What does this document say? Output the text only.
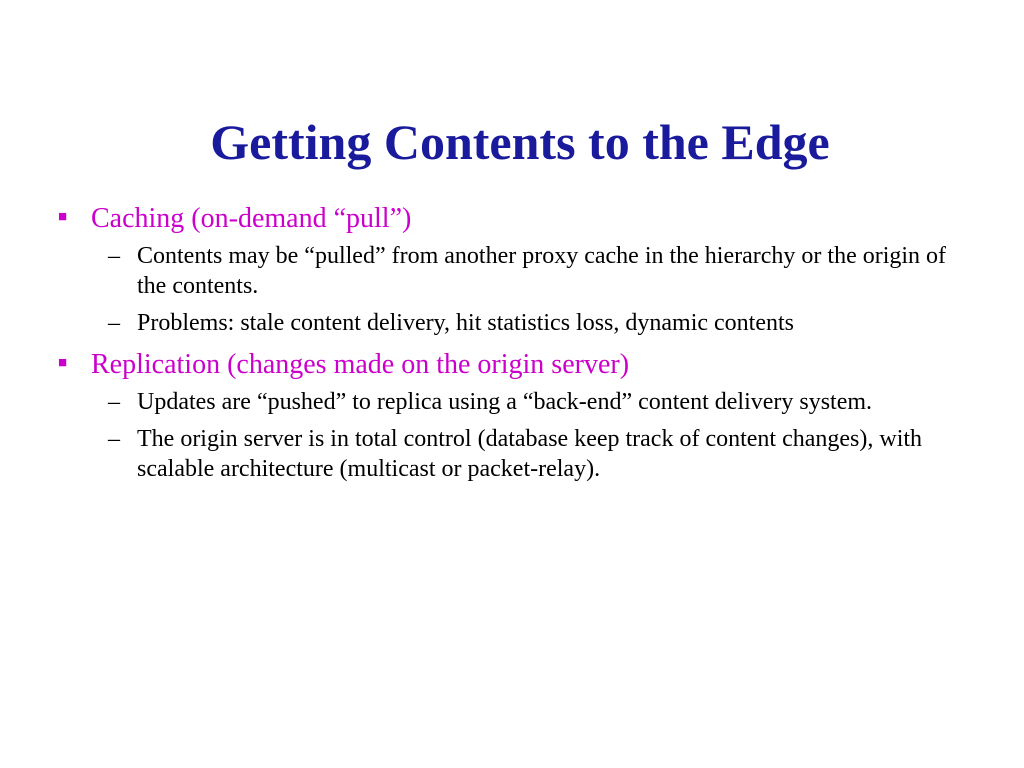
Getting Contents to the Edge
■ Caching (on-demand “pull”)
– Contents may be “pulled” from another proxy cache in the hierarchy or the origin of the contents.
– Problems: stale content delivery, hit statistics loss, dynamic contents
■ Replication (changes made on the origin server)
– Updates are “pushed” to replica using a “back-end” content delivery system.
– The origin server is in total control (database keep track of content changes), with scalable architecture (multicast or packet-relay).
